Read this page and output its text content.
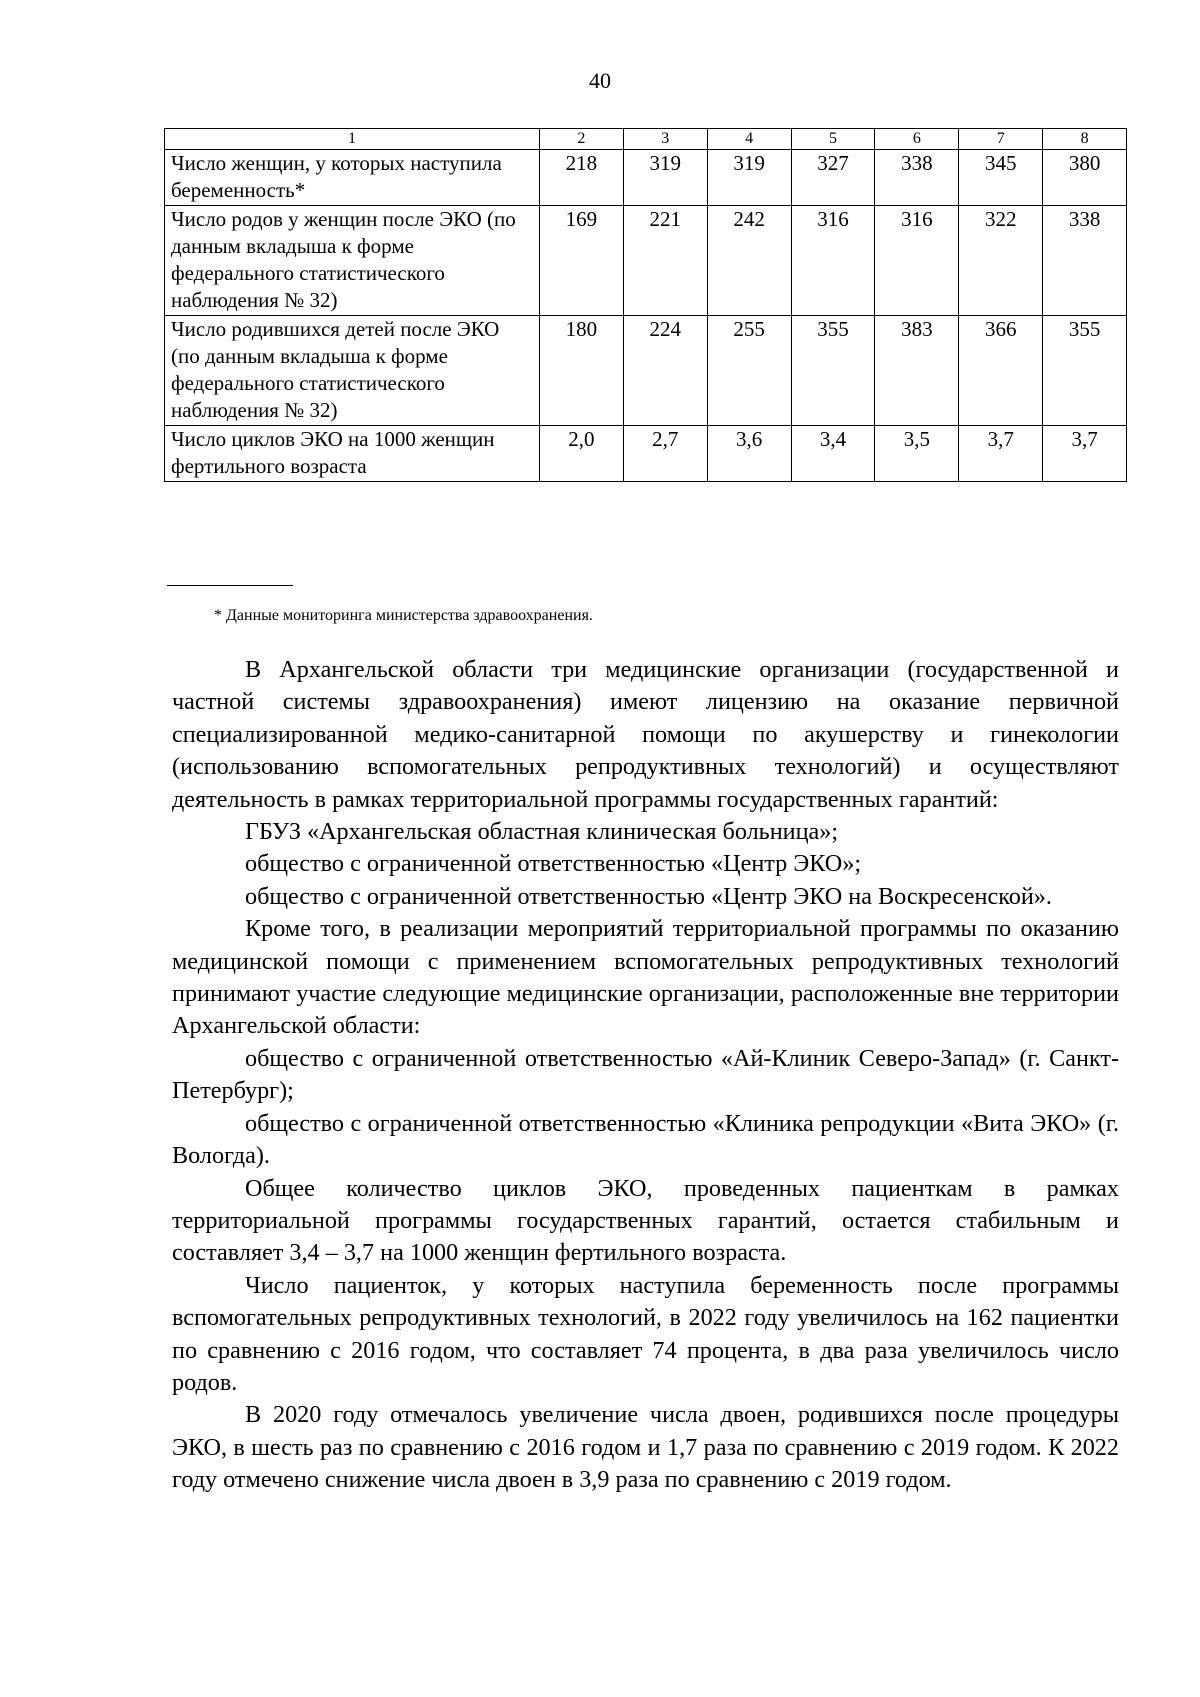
40
1	2	3	4	5	6	7	8
Число женщин, у которых наступила беременность*	218	319	319	327	338	345	380
Число родов у женщин после ЭКО (по данным вкладыша к форме федерального статистического наблюдения № 32)	169	221	242	316	316	322	338
Число родившихся детей после ЭКО (по данным вкладыша к форме федерального статистического наблюдения № 32)	180	224	255	355	383	366	355
Число циклов ЭКО на 1000 женщин фертильного возраста	2,0	2,7	3,6	3,4	3,5	3,7	3,7
* Данные мониторинга министерства здравоохранения.

В Архангельской области три медицинские организации (государственной и частной системы здравоохранения) имеют лицензию на оказание первичной специализированной медико-санитарной помощи по акушерству и гинекологии (использованию вспомогательных репродуктивных технологий) и осуществляют деятельность в рамках территориальной программы государственных гарантий:

ГБУЗ «Архангельская областная клиническая больница»;

общество с ограниченной ответственностью «Центр ЭКО»;

общество с ограниченной ответственностью «Центр ЭКО на Воскресенской».

Кроме того, в реализации мероприятий территориальной программы по оказанию медицинской помощи с применением вспомогательных репродуктивных технологий принимают участие следующие медицинские организации, расположенные вне территории Архангельской области:

общество с ограниченной ответственностью «Ай-Клиник Северо-Запад» (г. Санкт-Петербург);

общество с ограниченной ответственностью «Клиника репродукции «Вита ЭКО» (г. Вологда).

Общее количество циклов ЭКО, проведенных пациенткам в рамках территориальной программы государственных гарантий, остается стабильным и составляет 3,4 – 3,7 на 1000 женщин фертильного возраста.

Число пациенток, у которых наступила беременность после программы вспомогательных репродуктивных технологий, в 2022 году увеличилось на 162 пациентки по сравнению с 2016 годом, что составляет 74 процента, в два раза увеличилось число родов.

В 2020 году отмечалось увеличение числа двоен, родившихся после процедуры ЭКО, в шесть раз по сравнению с 2016 годом и 1,7 раза по сравнению с 2019 годом. К 2022 году отмечено снижение числа двоен в 3,9 раза по сравнению с 2019 годом.
